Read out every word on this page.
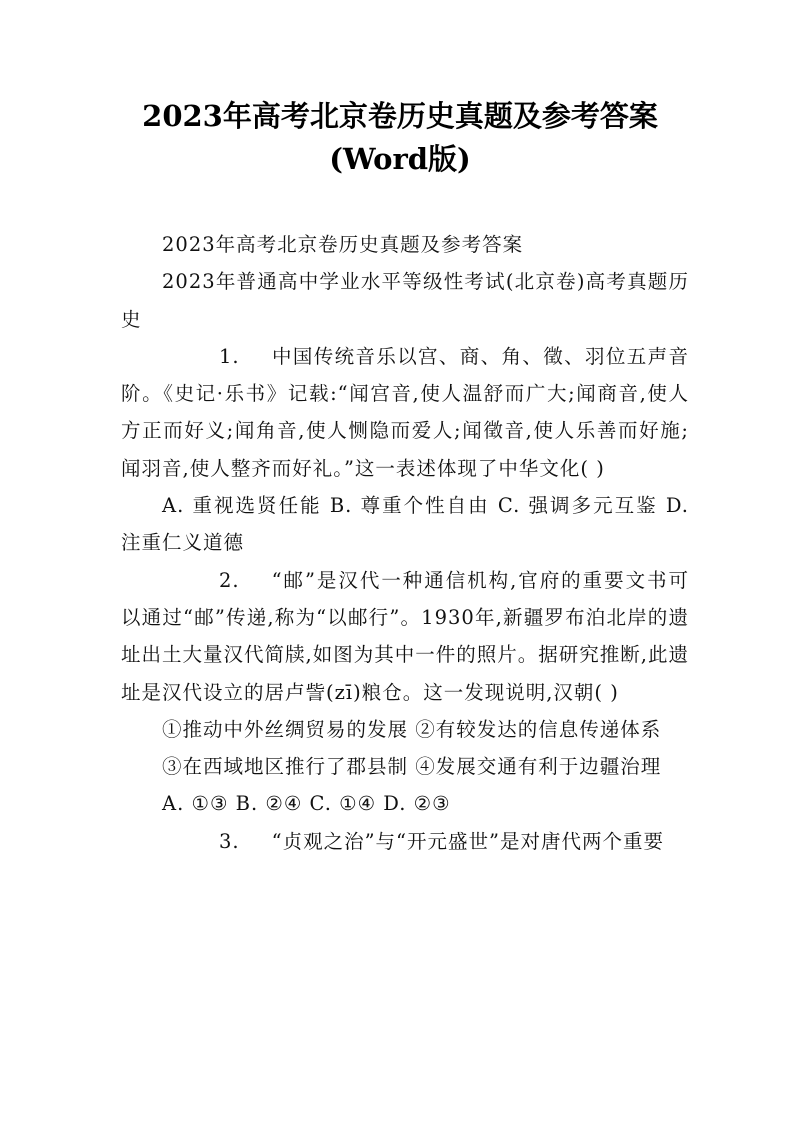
2023年高考北京卷历史真题及参考答案
(Word版)

2023年高考北京卷历史真题及参考答案

2023年普通高中学业水平等级性考试(北京卷)高考真题历史

1. 中国传统音乐以宫、商、角、徵、羽位五声音阶。《史记·乐书》记载:“闻宫音,使人温舒而广大;闻商音,使人方正而好义;闻角音,使人恻隐而爱人;闻徵音,使人乐善而好施;闻羽音,使人整齐而好礼。”这一表述体现了中华文化( )

A. 重视选贤任能 B. 尊重个性自由 C. 强调多元互鉴 D. 注重仁义道德

2. “邮”是汉代一种通信机构,官府的重要文书可以通过“邮”传递,称为“以邮行”。1930年,新疆罗布泊北岸的遗址出土大量汉代简牍,如图为其中一件的照片。据研究推断,此遗址是汉代设立的居卢訾(zī)粮仓。这一发现说明,汉朝( )

①推动中外丝绸贸易的发展 ②有较发达的信息传递体系

③在西域地区推行了郡县制 ④发展交通有利于边疆治理

A. ①③ B. ②④ C. ①④ D. ②③

3. “贞观之治”与“开元盛世”是对唐代两个重要
